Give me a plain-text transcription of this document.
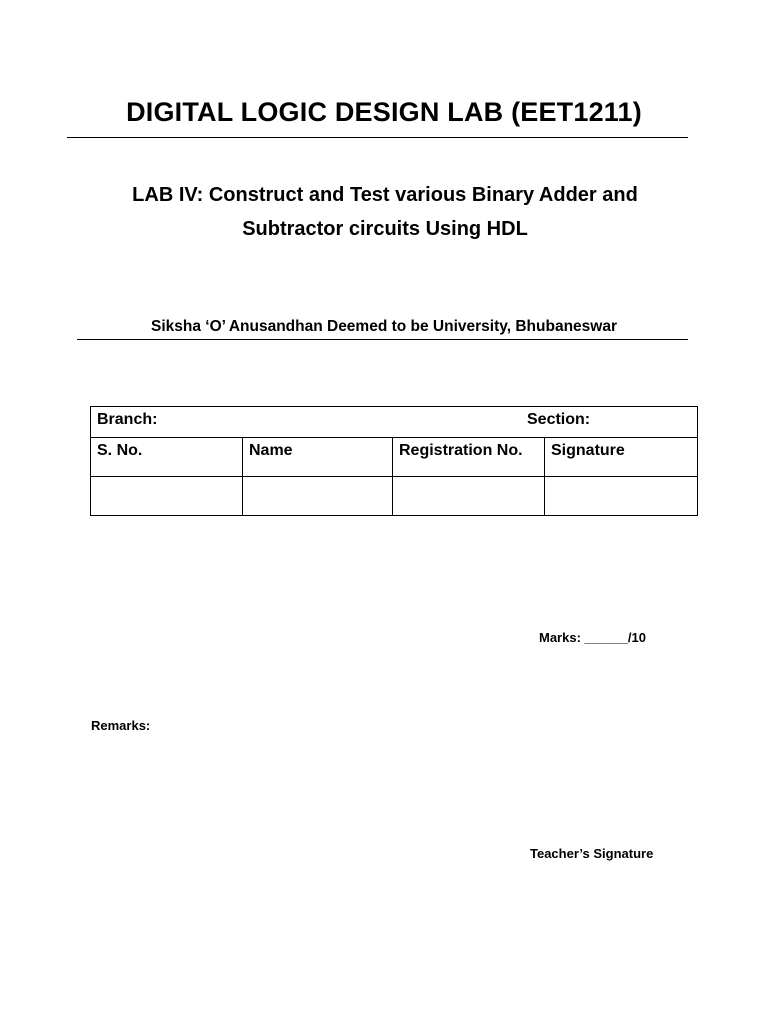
DIGITAL LOGIC DESIGN LAB (EET1211)
LAB IV: Construct and Test various Binary Adder and
Subtractor circuits Using HDL
Siksha ‘O’ Anusandhan Deemed to be University, Bhubaneswar
Branch: Section:			

S. No.	Name	Registration No.	Signature

Marks: ______/10
Remarks:
Teacher’s Signature
